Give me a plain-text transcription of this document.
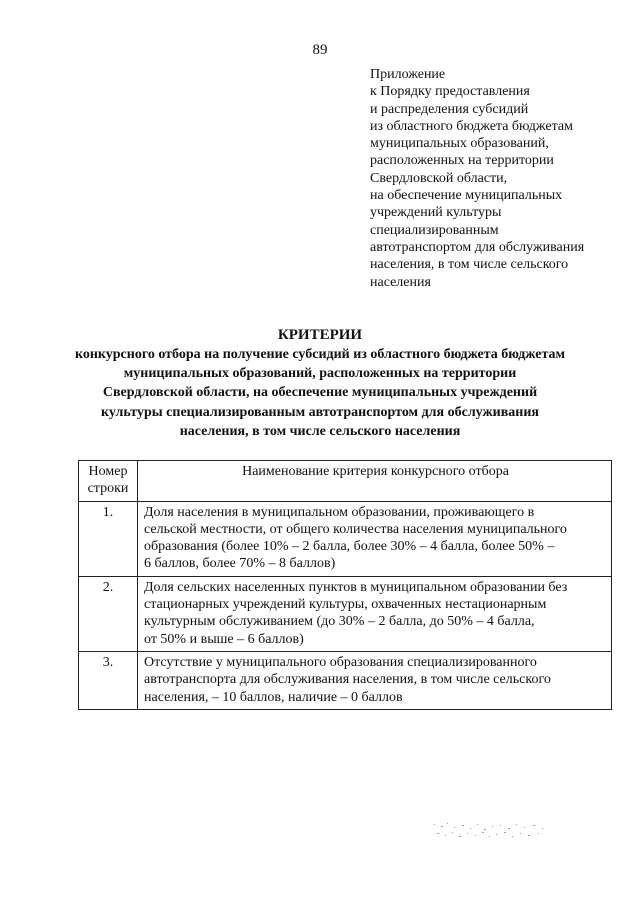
89
Приложение
к Порядку предоставления
и распределения субсидий
из областного бюджета бюджетам
муниципальных образований,
расположенных на территории
Свердловской области,
на обеспечение муниципальных
учреждений культуры
специализированным
автотранспортом для обслуживания
населения, в том числе сельского
населения
КРИТЕРИИ
конкурсного отбора на получение субсидий из областного бюджета бюджетам
муниципальных образований, расположенных на территории
Свердловской области, на обеспечение муниципальных учреждений
культуры специализированным автотранспортом для обслуживания
населения, в том числе сельского населения
Номер
строки	Наименование критерия конкурсного отбора
1.	Доля населения в муниципальном образовании, проживающего в
сельской местности, от общего количества населения муниципального
образования (более 10% – 2 балла, более 30% – 4 балла, более 50% –
6 баллов, более 70% – 8 баллов)

2.	Доля сельских населенных пунктов в муниципальном образовании без
стационарных учреждений культуры, охваченных нестационарным
культурным обслуживанием (до 30% – 2 балла, до 50% – 4 балла,
от 50% и выше – 6 баллов)

3.	Отсутствие у муниципального образования специализированного
автотранспорта для обслуживания населения, в том числе сельского
населения, – 10 баллов, наличие – 0 баллов
